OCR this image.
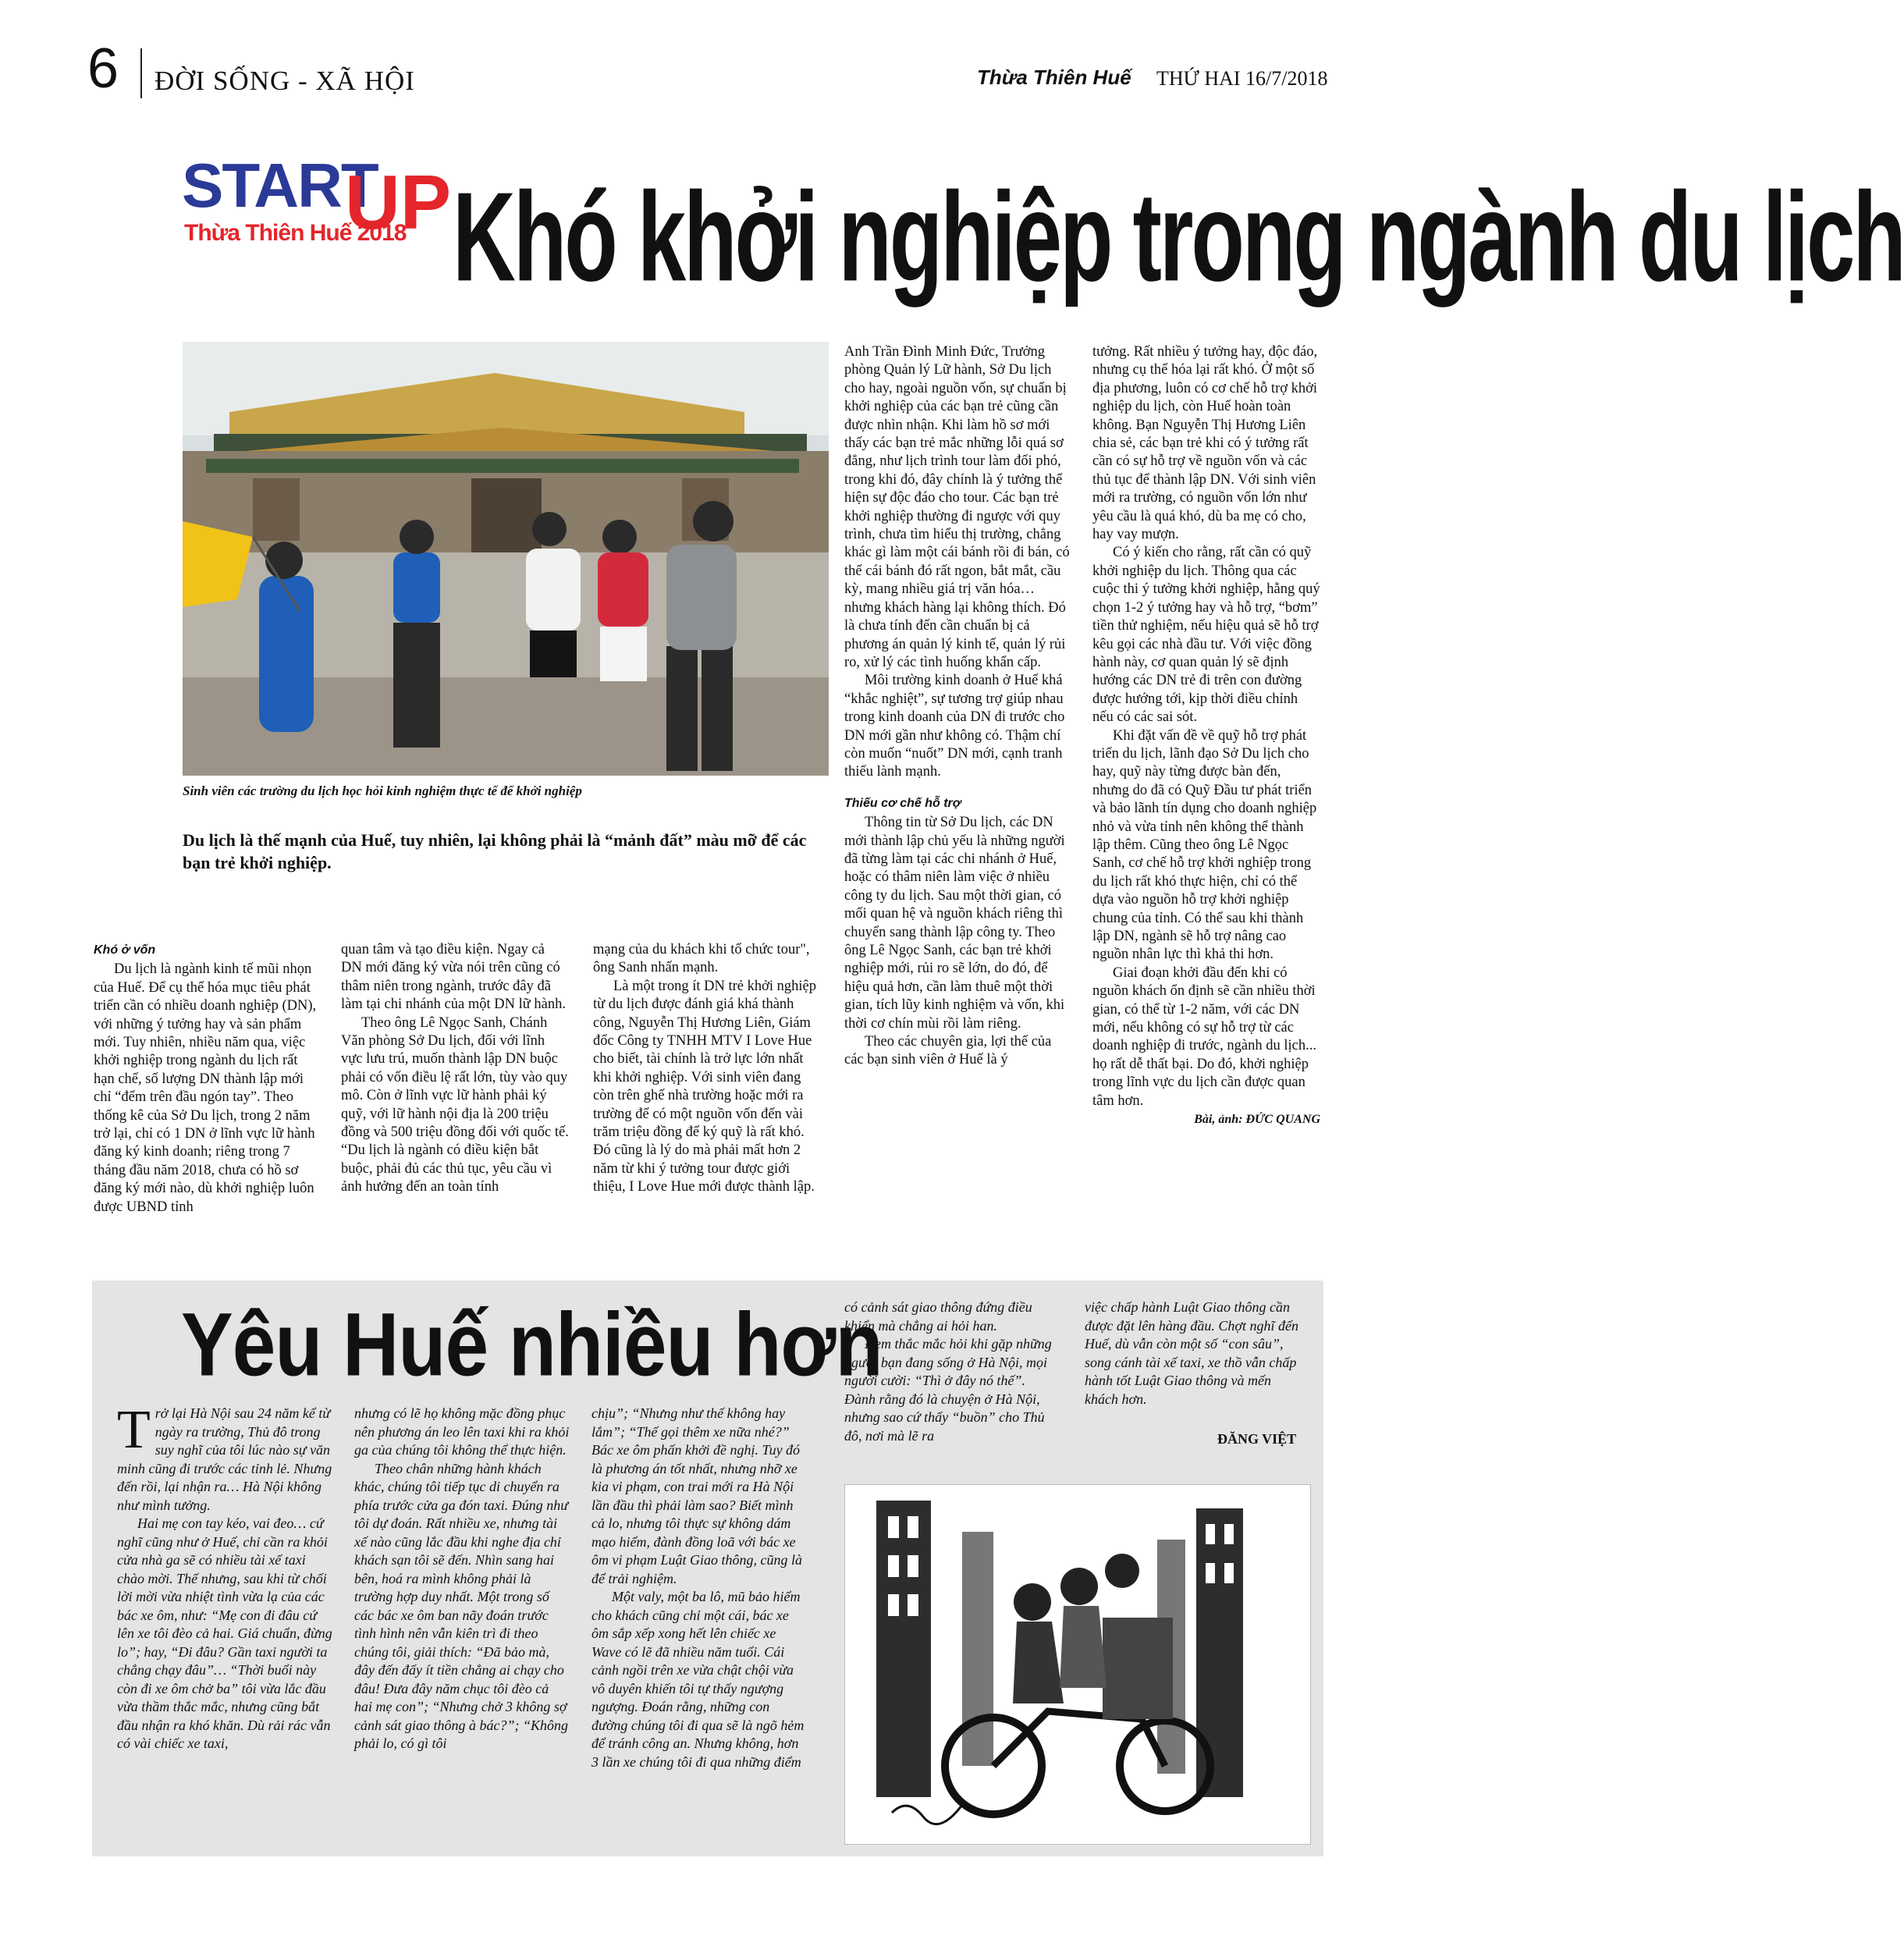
6 ĐỜI SỐNG - XÃ HỘI	Thừa Thiên Huế THỨ HAI 16/7/2018
START
UP
Thừa Thiên Huế 2018 Khó khởi nghiệp trong ngành du lịch
Sinh viên các trường du lịch học hỏi kinh nghiệm thực tế để khởi nghiệp
Du lịch là thế mạnh của Huế, tuy nhiên, lại không phải là “mảnh đất” màu mỡ để các bạn trẻ khởi nghiệp.
Khó ở vốn

Du lịch là ngành kinh tế mũi nhọn của Huế. Để cụ thể hóa mục tiêu phát triển cần có nhiều doanh nghiệp (DN), với những ý tưởng hay và sản phẩm mới. Tuy nhiên, nhiều năm qua, việc khởi nghiệp trong ngành du lịch rất hạn chế, số lượng DN thành lập mới chỉ “đếm trên đầu ngón tay”. Theo thống kê của Sở Du lịch, trong 2 năm trở lại, chỉ có 1 DN ở lĩnh vực lữ hành đăng ký kinh doanh; riêng trong 7 tháng đầu năm 2018, chưa có hồ sơ đăng ký mới nào, dù khởi nghiệp luôn được UBND tỉnh

quan tâm và tạo điều kiện. Ngay cả DN mới đăng ký vừa nói trên cũng có thâm niên trong ngành, trước đây đã làm tại chi nhánh của một DN lữ hành.

Theo ông Lê Ngọc Sanh, Chánh Văn phòng Sở Du lịch, đối với lĩnh vực lưu trú, muốn thành lập DN buộc phải có vốn điều lệ rất lớn, tùy vào quy mô. Còn ở lĩnh vực lữ hành phải ký quỹ, với lữ hành nội địa là 200 triệu đồng và 500 triệu đồng đối với quốc tế. “Du lịch là ngành có điều kiện bắt buộc, phải đủ các thủ tục, yêu cầu vì ảnh hưởng đến an toàn tính

mạng của du khách khi tổ chức tour", ông Sanh nhấn mạnh.

Là một trong ít DN trẻ khởi nghiệp từ du lịch được đánh giá khá thành công, Nguyễn Thị Hương Liên, Giám đốc Công ty TNHH MTV I Love Hue cho biết, tài chính là trở lực lớn nhất khi khởi nghiệp. Với sinh viên đang còn trên ghế nhà trường hoặc mới ra trường để có một nguồn vốn đến vài trăm triệu đồng để ký quỹ là rất khó. Đó cũng là lý do mà phải mất hơn 2 năm từ khi ý tưởng tour được giới thiệu, I Love Hue mới được thành lập.

Anh Trần Đình Minh Đức, Trưởng phòng Quản lý Lữ hành, Sở Du lịch cho hay, ngoài nguồn vốn, sự chuẩn bị khởi nghiệp của các bạn trẻ cũng cần được nhìn nhận. Khi làm hồ sơ mới thấy các bạn trẻ mắc những lỗi quá sơ đẳng, như lịch trình tour làm đối phó, trong khi đó, đây chính là ý tưởng thể hiện sự độc đáo cho tour. Các bạn trẻ khởi nghiệp thường đi ngược với quy trình, chưa tìm hiểu thị trường, chẳng khác gì làm một cái bánh rồi đi bán, có thể cái bánh đó rất ngon, bắt mắt, cầu kỳ, mang nhiều giá trị văn hóa… nhưng khách hàng lại không thích. Đó là chưa tính đến cần chuẩn bị cả phương án quản lý kinh tế, quản lý rủi ro, xử lý các tình huống khẩn cấp.

Môi trường kinh doanh ở Huế khá “khắc nghiệt”, sự tương trợ giúp nhau trong kinh doanh của DN đi trước cho DN mới gần như không có. Thậm chí còn muốn “nuốt” DN mới, cạnh tranh thiếu lành mạnh.

Thiếu cơ chế hỗ trợ

Thông tin từ Sở Du lịch, các DN mới thành lập chủ yếu là những người đã từng làm tại các chi nhánh ở Huế, hoặc có thâm niên làm việc ở nhiều công ty du lịch. Sau một thời gian, có mối quan hệ và nguồn khách riêng thì chuyển sang thành lập công ty. Theo ông Lê Ngọc Sanh, các bạn trẻ khởi nghiệp mới, rủi ro sẽ lớn, do đó, để hiệu quả hơn, cần làm thuê một thời gian, tích lũy kinh nghiệm và vốn, khi thời cơ chín mùi rồi làm riêng.

Theo các chuyên gia, lợi thế của các bạn sinh viên ở Huế là ý

tưởng. Rất nhiều ý tưởng hay, độc đáo, nhưng cụ thể hóa lại rất khó. Ở một số địa phương, luôn có cơ chế hỗ trợ khởi nghiệp du lịch, còn Huế hoàn toàn không. Bạn Nguyễn Thị Hương Liên chia sẻ, các bạn trẻ khi có ý tưởng rất cần có sự hỗ trợ về nguồn vốn và các thủ tục để thành lập DN. Với sinh viên mới ra trường, có nguồn vốn lớn như yêu cầu là quá khó, dù ba mẹ có cho, hay vay mượn.

Có ý kiến cho rằng, rất cần có quỹ khởi nghiệp du lịch. Thông qua các cuộc thi ý tưởng khởi nghiệp, hằng quý chọn 1-2 ý tưởng hay và hỗ trợ, “bơm” tiền thử nghiệm, nếu hiệu quả sẽ hỗ trợ kêu gọi các nhà đầu tư. Với việc đồng hành này, cơ quan quản lý sẽ định hướng các DN trẻ đi trên con đường được hướng tới, kịp thời điều chỉnh nếu có các sai sót.

Khi đặt vấn đề về quỹ hỗ trợ phát triển du lịch, lãnh đạo Sở Du lịch cho hay, quỹ này từng được bàn đến, nhưng do đã có Quỹ Đầu tư phát triển và bảo lãnh tín dụng cho doanh nghiệp nhỏ và vừa tỉnh nên không thể thành lập thêm. Cũng theo ông Lê Ngọc Sanh, cơ chế hỗ trợ khởi nghiệp trong du lịch rất khó thực hiện, chỉ có thể dựa vào nguồn hỗ trợ khởi nghiệp chung của tỉnh. Có thể sau khi thành lập DN, ngành sẽ hỗ trợ nâng cao nguồn nhân lực thì khả thi hơn.

Giai đoạn khởi đầu đến khi có nguồn khách ổn định sẽ cần nhiều thời gian, có thể từ 1-2 năm, với các DN mới, nếu không có sự hỗ trợ từ các doanh nghiệp đi trước, ngành du lịch... họ rất dễ thất bại. Do đó, khởi nghiệp trong lĩnh vực du lịch cần được quan tâm hơn.

Bài, ảnh: ĐỨC QUANG
Yêu Huế nhiều hơn
T rở lại Hà Nội sau 24 năm kể từ ngày ra trường, Thủ đô trong suy nghĩ của tôi lúc nào sự văn minh cũng đi trước các tỉnh lẻ. Nhưng đến rồi, lại nhận ra… Hà Nội không như mình tưởng.

Hai mẹ con tay kéo, vai đeo… cứ nghĩ cũng như ở Huế, chỉ cần ra khỏi cửa nhà ga sẽ có nhiều tài xế taxi chào mời. Thế nhưng, sau khi từ chối lời mời vừa nhiệt tình vừa lạ của các bác xe ôm, như: “Mẹ con đi đâu cứ lên xe tôi đèo cả hai. Giá chuẩn, đừng lo”; hay, “Đi đâu? Gần taxi người ta chẳng chạy đâu”… “Thời buổi này còn đi xe ôm chở ba” tôi vừa lắc đầu vừa thầm thắc mắc, nhưng cũng bắt đầu nhận ra khó khăn. Dù rải rác vẫn có vài chiếc xe taxi,

nhưng có lẽ họ không mặc đồng phục nên phương án leo lên taxi khi ra khỏi ga của chúng tôi không thể thực hiện.

Theo chân những hành khách khác, chúng tôi tiếp tục di chuyển ra phía trước cửa ga đón taxi. Đúng như tôi dự đoán. Rất nhiều xe, nhưng tài xế nào cũng lắc đầu khi nghe địa chỉ khách sạn tôi sẽ đến. Nhìn sang hai bên, hoá ra mình không phải là trường hợp duy nhất. Một trong số các bác xe ôm ban nãy đoán trước tình hình nên vẫn kiên trì đi theo chúng tôi, giải thích: “Đã bảo mà, đây đến đấy ít tiền chẳng ai chạy cho đâu! Đưa đây năm chục tôi đèo cả hai mẹ con”; “Nhưng chở 3 không sợ cảnh sát giao thông à bác?”; “Không phải lo, có gì tôi

chịu”; “Nhưng như thế không hay lắm”; “Thế gọi thêm xe nữa nhé?” Bác xe ôm phấn khởi đề nghị. Tuy đó là phương án tốt nhất, nhưng nhỡ xe kia vi phạm, con trai mới ra Hà Nội lần đầu thì phải làm sao? Biết mình cả lo, nhưng tôi thực sự không dám mạo hiểm, đành đồng loã với bác xe ôm vi phạm Luật Giao thông, cũng là để trải nghiệm.

Một valy, một ba lô, mũ bảo hiểm cho khách cũng chỉ một cái, bác xe ôm sắp xếp xong hết lên chiếc xe Wave có lẽ đã nhiều năm tuổi. Cái cảnh ngồi trên xe vừa chật chội vừa vô duyên khiến tôi tự thấy ngượng ngượng. Đoán rằng, những con đường chúng tôi đi qua sẽ là ngõ hẻm để tránh công an. Nhưng không, hơn 3 lần xe chúng tôi đi qua những điểm

có cảnh sát giao thông đứng điều khiển mà chẳng ai hỏi han.

Đem thắc mắc hỏi khi gặp những người bạn đang sống ở Hà Nội, mọi người cười: “Thì ở đây nó thế”. Đành rằng đó là chuyện ở Hà Nội, nhưng sao cứ thấy “buồn” cho Thủ đô, nơi mà lẽ ra

việc chấp hành Luật Giao thông cần được đặt lên hàng đầu. Chợt nghĩ đến Huế, dù vẫn còn một số “con sâu”, song cánh tài xế taxi, xe thồ vẫn chấp hành tốt Luật Giao thông và mến khách hơn.

ĐĂNG VIỆT
